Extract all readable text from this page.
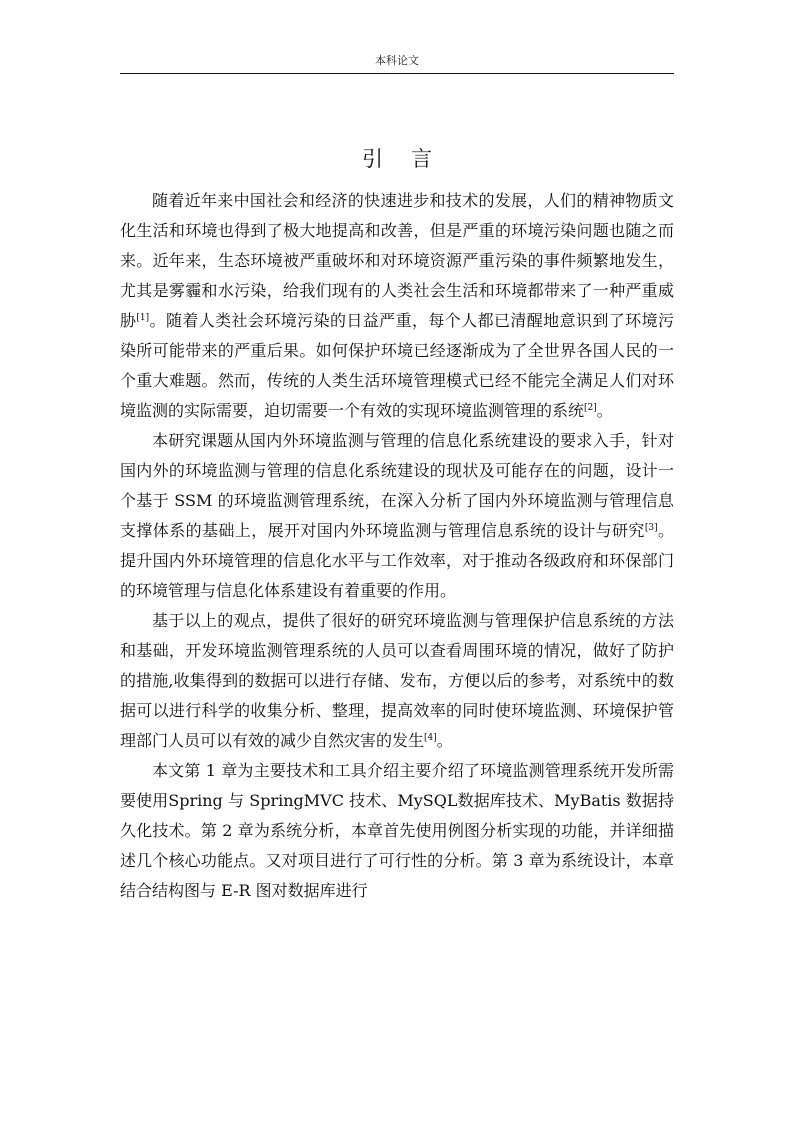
本科论文
引言

随着近年来中国社会和经济的快速进步和技术的发展，人们的精神物质文化生活和环境也得到了极大地提高和改善，但是严重的环境污染问题也随之而来。近年来，生态环境被严重破坏和对环境资源严重污染的事件频繁地发生，尤其是雾霾和水污染，给我们现有的人类社会生活和环境都带来了一种严重威胁[1]。随着人类社会环境污染的日益严重，每个人都已清醒地意识到了环境污染所可能带来的严重后果。如何保护环境已经逐渐成为了全世界各国人民的一个重大难题。然而，传统的人类生活环境管理模式已经不能完全满足人们对环境监测的实际需要，迫切需要一个有效的实现环境监测管理的系统[2]。

本研究课题从国内外环境监测与管理的信息化系统建设的要求入手，针对国内外的环境监测与管理的信息化系统建设的现状及可能存在的问题，设计一个基于 SSM 的环境监测管理系统，在深入分析了国内外环境监测与管理信息支撑体系的基础上，展开对国内外环境监测与管理信息系统的设计与研究[3]。提升国内外环境管理的信息化水平与工作效率，对于推动各级政府和环保部门的环境管理与信息化体系建设有着重要的作用。

基于以上的观点，提供了很好的研究环境监测与管理保护信息系统的方法和基础，开发环境监测管理系统的人员可以查看周围环境的情况，做好了防护的措施,收集得到的数据可以进行存储、发布，方便以后的参考，对系统中的数据可以进行科学的收集分析、整理，提高效率的同时使环境监测、环境保护管理部门人员可以有效的减少自然灾害的发生[4]。

本文第 1 章为主要技术和工具介绍主要介绍了环境监测管理系统开发所需要使用Spring 与 SpringMVC 技术、MySQL数据库技术、MyBatis 数据持久化技术。第 2 章为系统分析，本章首先使用例图分析实现的功能，并详细描述几个核心功能点。又对项目进行了可行性的分析。第 3 章为系统设计，本章结合结构图与 E-R 图对数据库进行
